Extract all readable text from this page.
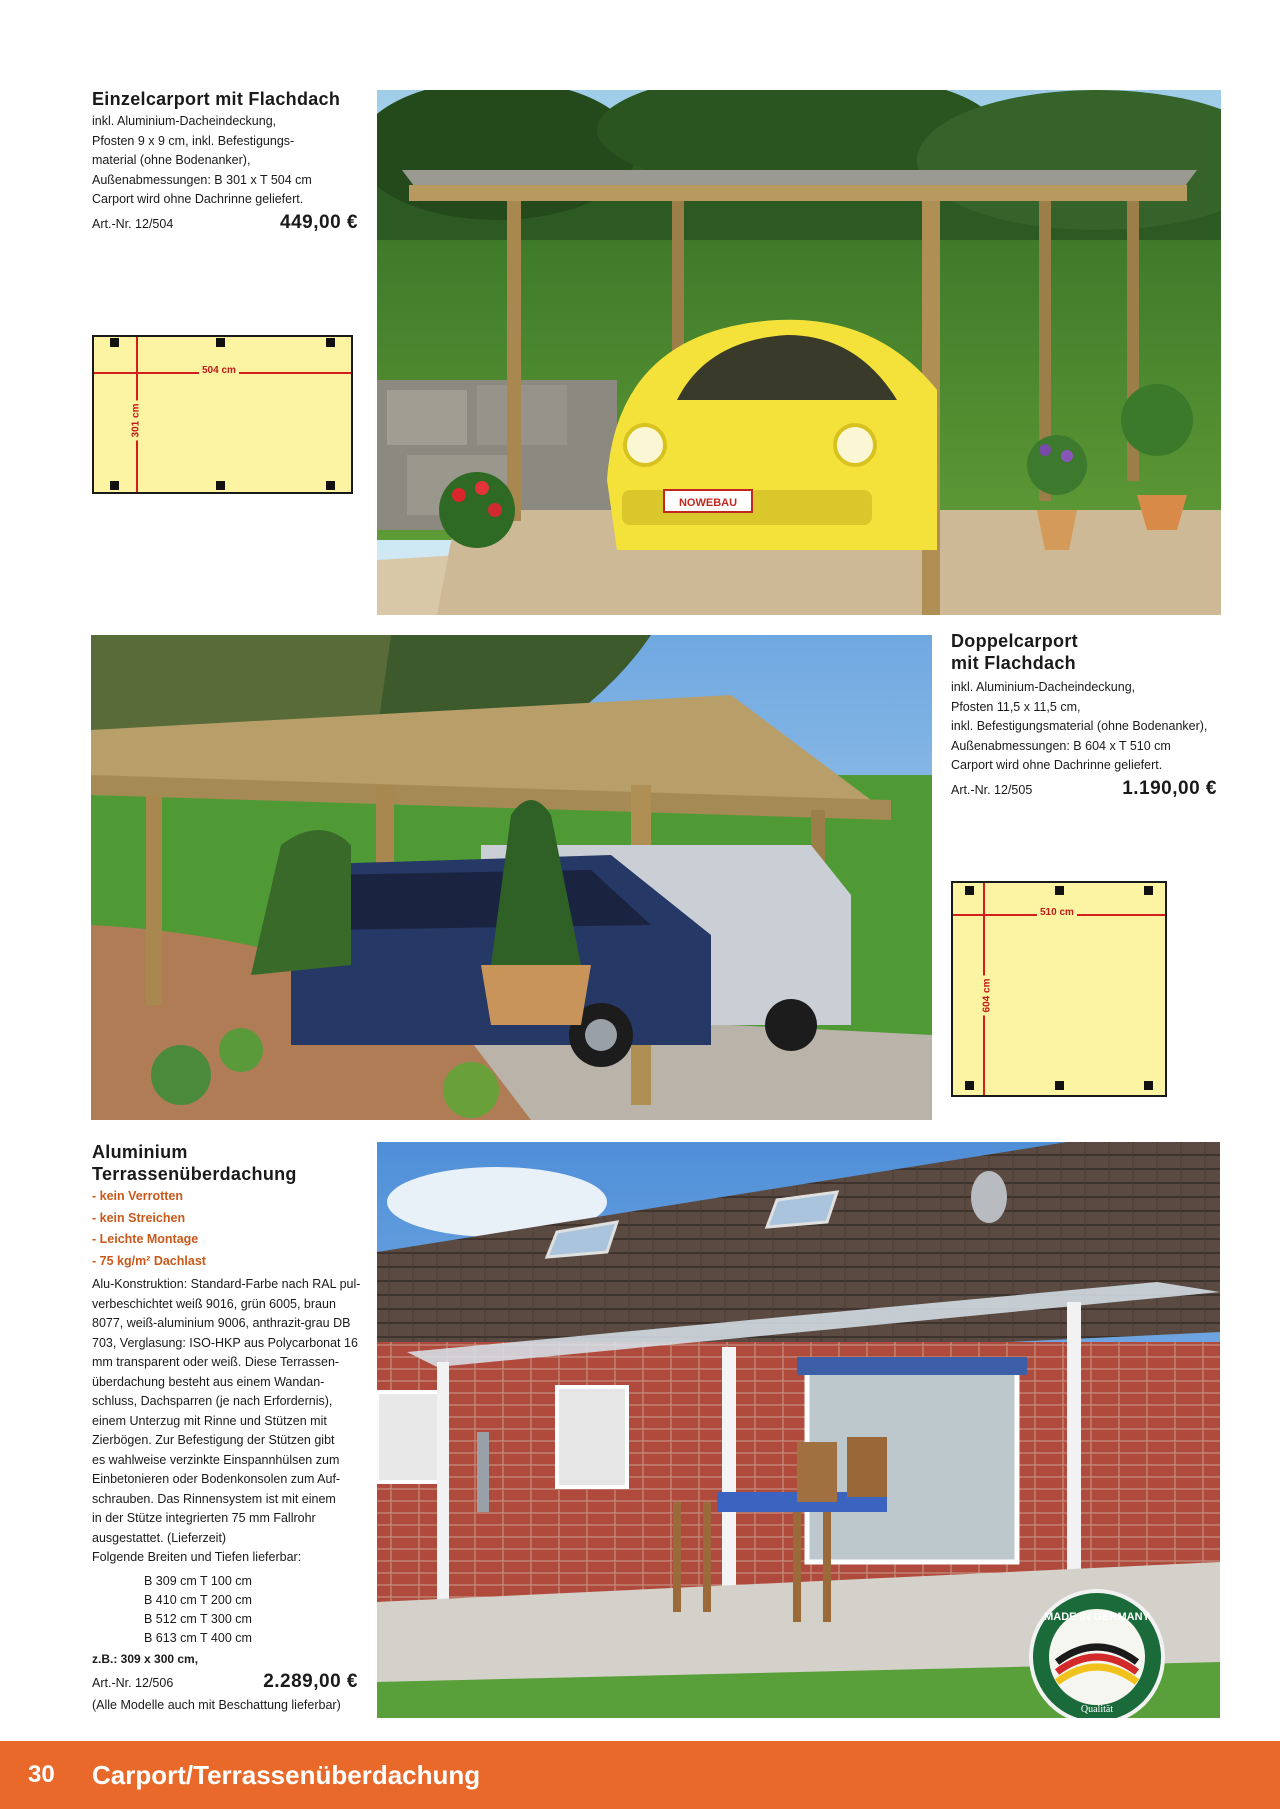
Einzelcarport mit Flachdach
inkl. Aluminium-Dacheindeckung,
Pfosten 9 x 9 cm, inkl. Befestigungs-
material (ohne Bodenanker),
Außenabmessungen: B 301 x T 504 cm
Carport wird ohne Dachrinne geliefert.
Art.-Nr. 12/504	449,00 €
504 cm
301 cm
NOWEBAU
Doppelcarport
mit Flachdach
inkl. Aluminium-Dacheindeckung,
Pfosten 11,5 x 11,5 cm,
inkl. Befestigungsmaterial (ohne Bodenanker),
Außenabmessungen: B 604 x T 510 cm
Carport wird ohne Dachrinne geliefert.
Art.-Nr. 12/505	1.190,00 €
510 cm
604 cm
Aluminium
Terrassenüberdachung
- kein Verrotten
- kein Streichen
- Leichte Montage
- 75 kg/m² Dachlast
Alu-Konstruktion: Standard-Farbe nach RAL pul-
verbeschichtet weiß 9016, grün 6005, braun
8077, weiß-aluminium 9006, anthrazit-grau DB
703, Verglasung: ISO-HKP aus Polycarbonat 16
mm transparent oder weiß. Diese Terrassen-
überdachung besteht aus einem Wandan-
schluss, Dachsparren (je nach Erfordernis),
einem Unterzug mit Rinne und Stützen mit
Zierbögen. Zur Befestigung der Stützen gibt
es wahlweise verzinkte Einspannhülsen zum
Einbetonieren oder Bodenkonsolen zum Auf-
schrauben. Das Rinnensystem ist mit einem
in der Stütze integrierten 75 mm Fallrohr
ausgestattet. (Lieferzeit)
Folgende Breiten und Tiefen lieferbar:
B 309 cm T 100 cm
B 410 cm T 200 cm
B 512 cm T 300 cm
B 613 cm T 400 cm
z.B.: 309 x 300 cm,
Art.-Nr. 12/506	2.289,00 €
(Alle Modelle auch mit Beschattung lieferbar)
MADE IN GERMANY
Qualität
30 Carport/Terrassenüberdachung
